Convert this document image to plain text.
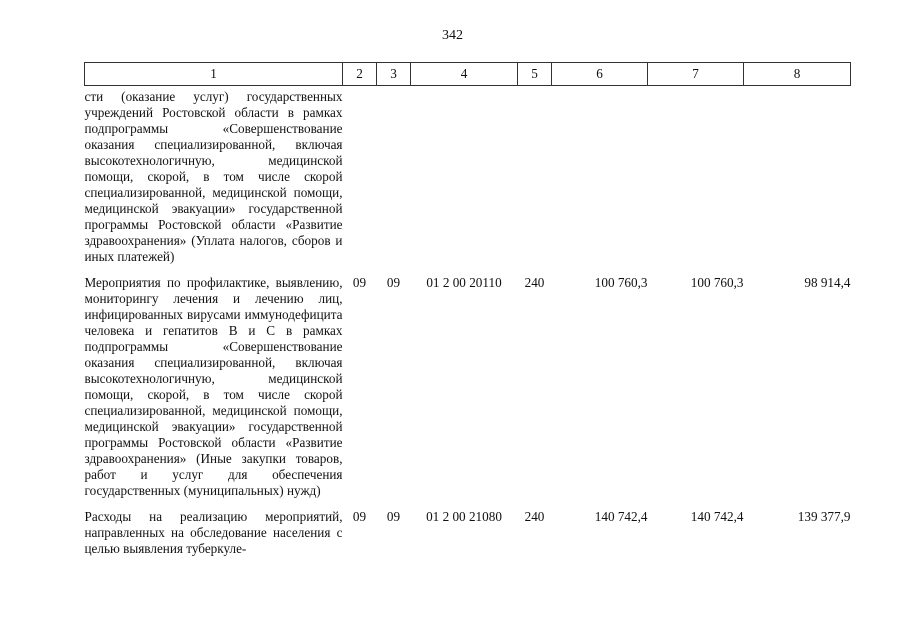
342
1	2	3	4	5	6	7	8

сти (оказание услуг) государственных учреждений Ростовской области в рамках подпрограммы «Совершенствование оказания специализированной, включая высокотехнологичную, медицинской помощи, скорой, в том числе скорой специализированной, медицинской помощи, медицинской эвакуации» государственной программы Ростовской области «Развитие здравоохранения» (Уплата налогов, сборов и иных платежей)							

Мероприятия по профилактике, выявлению, мониторингу лечения и лечению лиц, инфицированных вирусами иммунодефицита человека и гепатитов B и C в рамках подпрограммы «Совершенствование оказания специализированной, включая высокотехнологичную, медицинской помощи, скорой, в том числе скорой специализированной, медицинской помощи, медицинской эвакуации» государственной программы Ростовской области «Развитие здравоохранения» (Иные закупки товаров, работ и услуг для обеспечения государственных (муниципальных) нужд)	09	09	01 2 00 20110	240	100 760,3	100 760,3	98 914,4

Расходы на реализацию мероприятий, направленных на обследование населения с целью выявления туберкуле-	09	09	01 2 00 21080	240	140 742,4	140 742,4	139 377,9
